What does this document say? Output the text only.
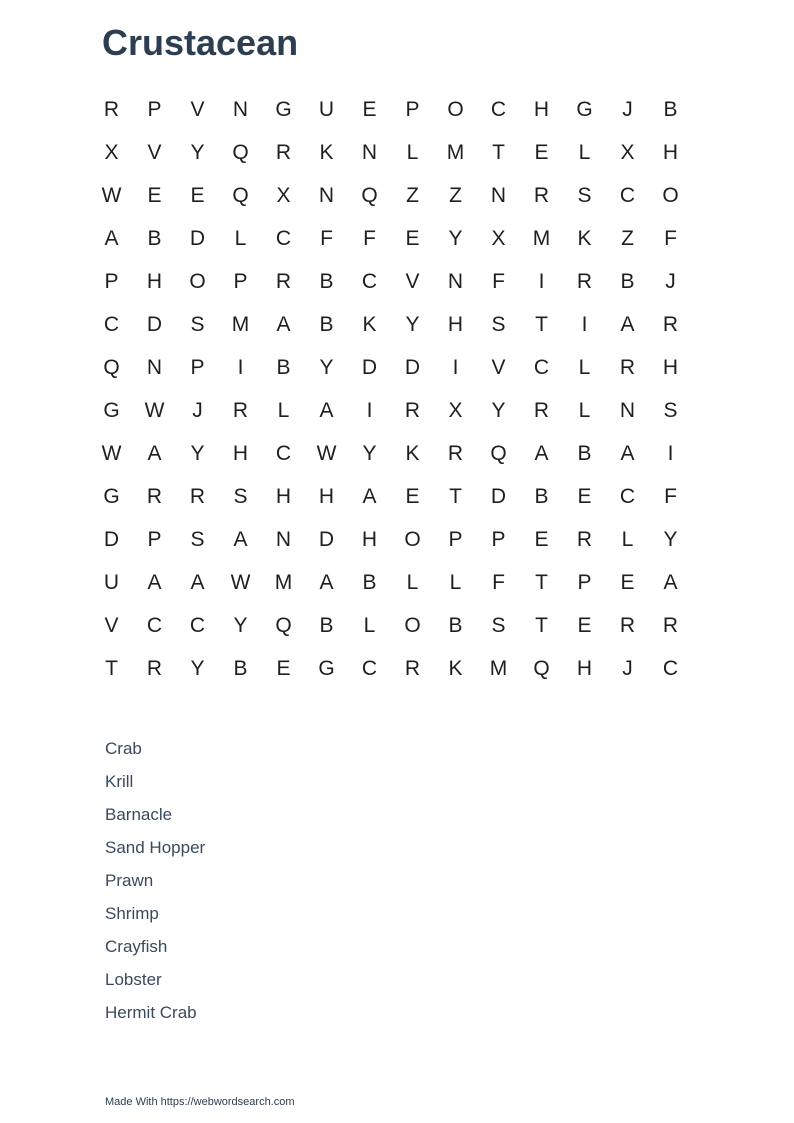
Crustacean
R	P	V	N	G	U	E	P	O	C	H	G	J	B
X	V	Y	Q	R	K	N	L	M	T	E	L	X	H
W	E	E	Q	X	N	Q	Z	Z	N	R	S	C	O
A	B	D	L	C	F	F	E	Y	X	M	K	Z	F
P	H	O	P	R	B	C	V	N	F	I	R	B	J
C	D	S	M	A	B	K	Y	H	S	T	I	A	R
Q	N	P	I	B	Y	D	D	I	V	C	L	R	H
G	W	J	R	L	A	I	R	X	Y	R	L	N	S
W	A	Y	H	C	W	Y	K	R	Q	A	B	A	I
G	R	R	S	H	H	A	E	T	D	B	E	C	F
D	P	S	A	N	D	H	O	P	P	E	R	L	Y
U	A	A	W	M	A	B	L	L	F	T	P	E	A
V	C	C	Y	Q	B	L	O	B	S	T	E	R	R
T	R	Y	B	E	G	C	R	K	M	Q	H	J	C
Crab
Krill
Barnacle
Sand Hopper
Prawn
Shrimp
Crayfish
Lobster
Hermit Crab
Made With https://webwordsearch.com
